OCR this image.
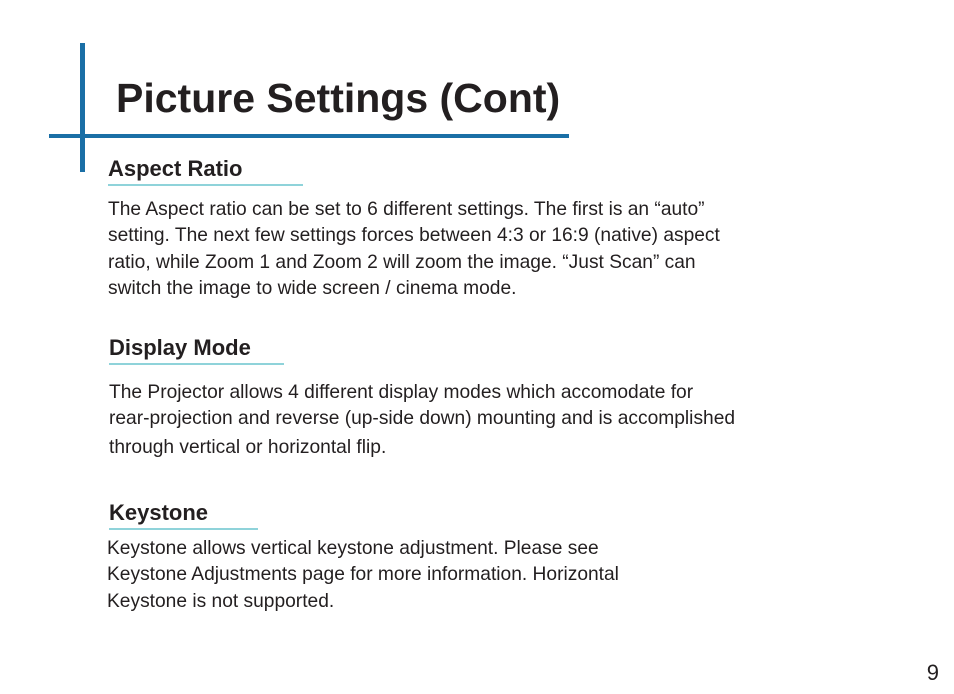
Picture Settings (Cont)
Aspect Ratio

The Aspect ratio can be set to 6 different settings. The first is an “auto”

setting. The next few settings forces between 4:3 or 16:9 (native) aspect

ratio, while Zoom 1 and Zoom 2 will zoom the image. “Just Scan” can

switch the image to wide screen / cinema mode.

Display Mode

The Projector allows 4 different display modes which accomodate for

rear-projection and reverse (up-side down) mounting and is accomplished

through vertical or horizontal flip.

Keystone

Keystone allows vertical keystone adjustment. Please see

Keystone Adjustments page for more information. Horizontal

Keystone is not supported.

9
